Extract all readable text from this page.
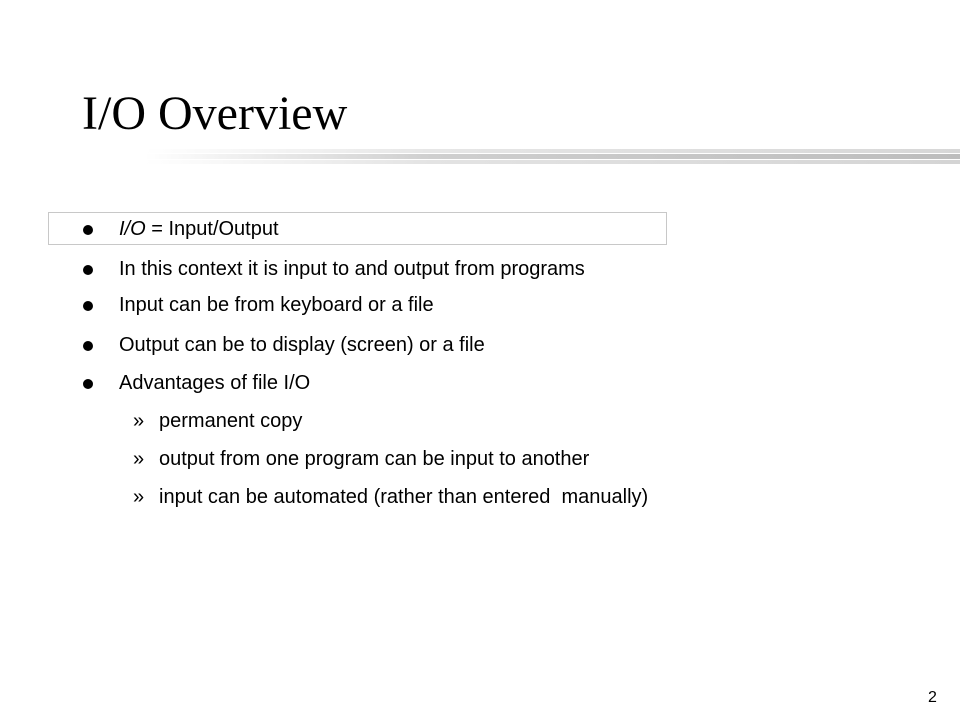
I/O Overview
I/O = Input/Output
In this context it is input to and output from programs
Input can be from keyboard or a file
Output can be to display (screen) or a file
Advantages of file I/O
» permanent copy
» output from one program can be input to another
» input can be automated (rather than entered  manually)
2
